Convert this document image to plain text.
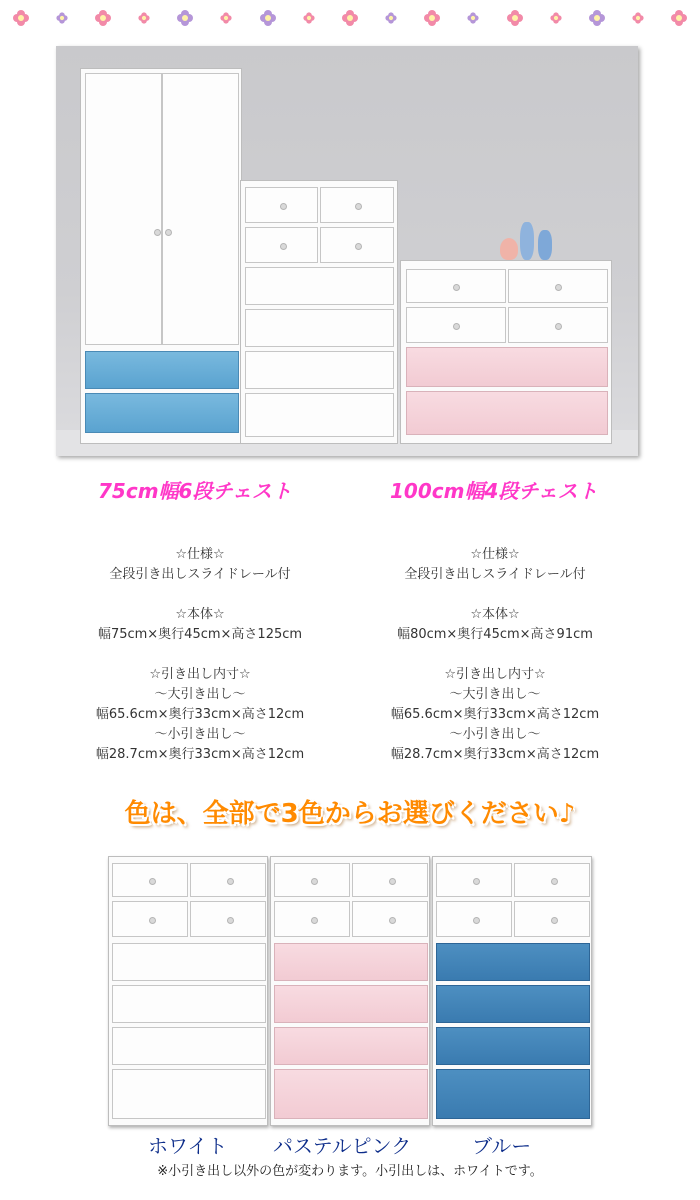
75cm幅6段チェスト	100cm幅4段チェスト
☆仕様☆
全段引き出しスライドレール付
☆本体☆
幅75cm×奥行45cm×高さ125cm
☆引き出し内寸☆
～大引き出し～
幅65.6cm×奥行33cm×高さ12cm
～小引き出し～
幅28.7cm×奥行33cm×高さ12cm
☆仕様☆
全段引き出しスライドレール付
☆本体☆
幅80cm×奥行45cm×高さ91cm
☆引き出し内寸☆
～大引き出し～
幅65.6cm×奥行33cm×高さ12cm
～小引き出し～
幅28.7cm×奥行33cm×高さ12cm
色は、全部で3色からお選びください♪
ホワイト パステルピンク	ブルー
※小引き出し以外の色が変わります。小引出しは、ホワイトです。
